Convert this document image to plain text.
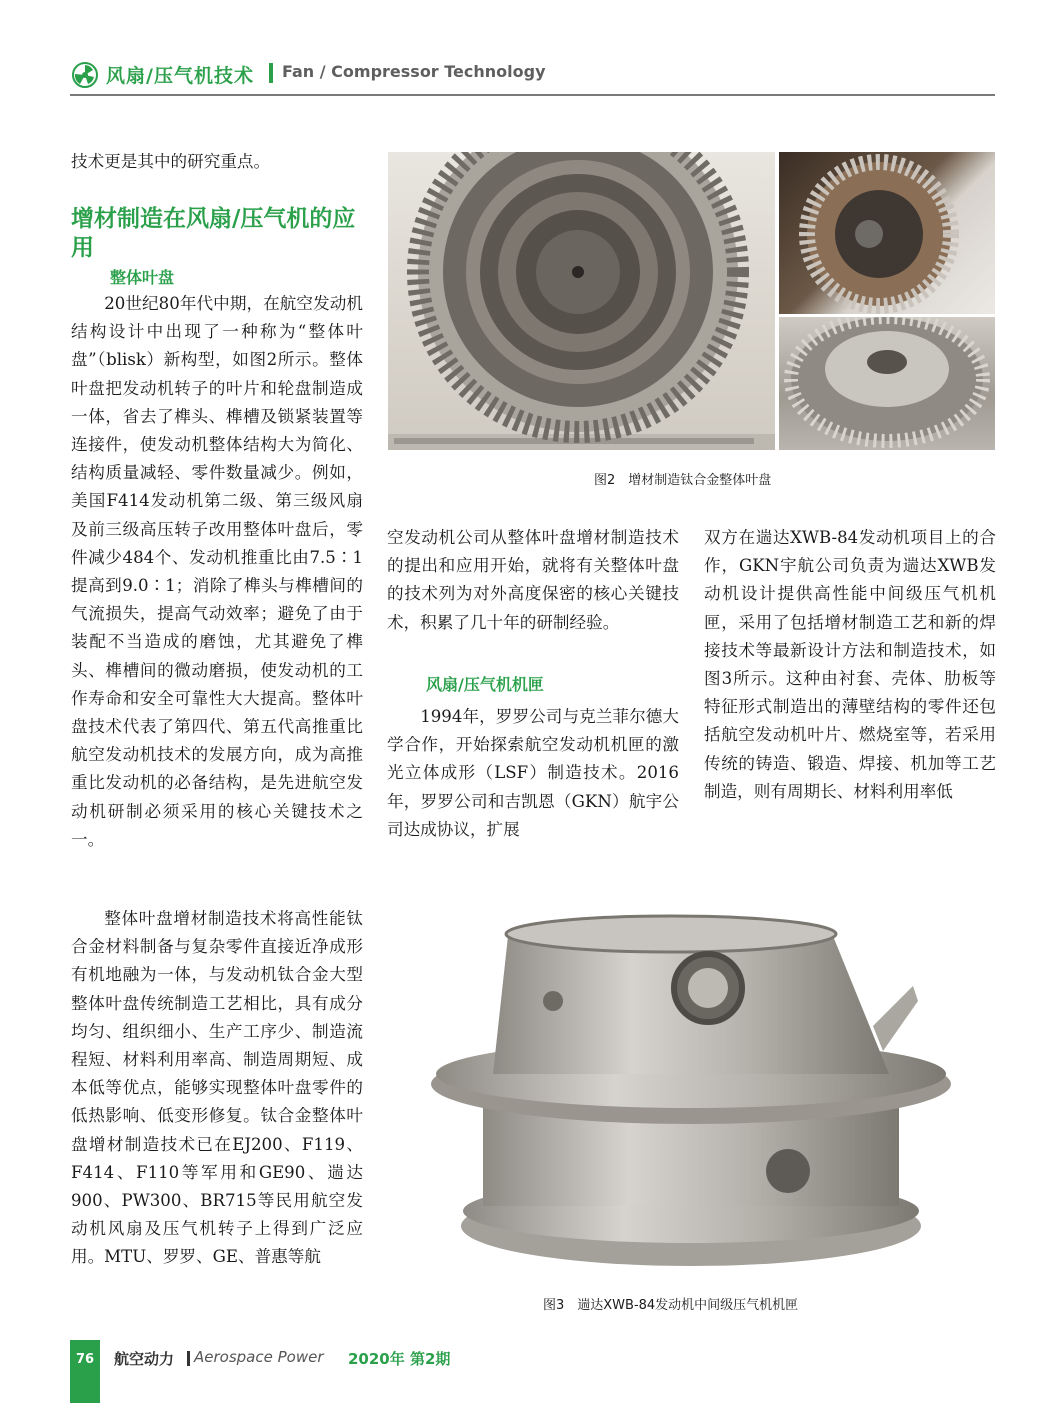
风扇/压气机技术 Fan / Compressor Technology
技术更是其中的研究重点。
增材制造在风扇/压气机的应用
整体叶盘

20世纪80年代中期，在航空发动机结构设计中出现了一种称为“整体叶盘”（blisk）新构型，如图2所示。整体叶盘把发动机转子的叶片和轮盘制造成一体，省去了榫头、榫槽及锁紧装置等连接件，使发动机整体结构大为简化、结构质量减轻、零件数量减少。例如，美国F414发动机第二级、第三级风扇及前三级高压转子改用整体叶盘后，零件减少484个、发动机推重比由7.5∶1提高到9.0∶1；消除了榫头与榫槽间的气流损失，提高气动效率；避免了由于装配不当造成的磨蚀，尤其避免了榫头、榫槽间的微动磨损，使发动机的工作寿命和安全可靠性大大提高。整体叶盘技术代表了第四代、第五代高推重比航空发动机技术的发展方向，成为高推重比发动机的必备结构，是先进航空发动机研制必须采用的核心关键技术之一。

整体叶盘增材制造技术将高性能钛合金材料制备与复杂零件直接近净成形有机地融为一体，与发动机钛合金大型整体叶盘传统制造工艺相比，具有成分均匀、组织细小、生产工序少、制造流程短、材料利用率高、制造周期短、成本低等优点，能够实现整体叶盘零件的低热影响、低变形修复。钛合金整体叶盘增材制造技术已在EJ200、F119、F414、F110等军用和GE90、遄达900、PW300、BR715等民用航空发动机风扇及压气机转子上得到广泛应用。MTU、罗罗、GE、普惠等航

图2　增材制造钛合金整体叶盘

空发动机公司从整体叶盘增材制造技术的提出和应用开始，就将有关整体叶盘的技术列为对外高度保密的核心关键技术，积累了几十年的研制经验。

风扇/压气机机匣

1994年，罗罗公司与克兰菲尔德大学合作，开始探索航空发动机机匣的激光立体成形（LSF）制造技术。2016年，罗罗公司和吉凯恩（GKN）航宇公司达成协议，扩展

双方在遄达XWB-84发动机项目上的合作，GKN宇航公司负责为遄达XWB发动机设计提供高性能中间级压气机机匣，采用了包括增材制造工艺和新的焊接技术等最新设计方法和制造技术，如图3所示。这种由衬套、壳体、肋板等特征形式制造出的薄壁结构的零件还包括航空发动机叶片、燃烧室等，若采用传统的铸造、锻造、焊接、机加等工艺制造，则有周期长、材料利用率低

图3　遄达XWB-84发动机中间级压气机机匣
76 航空动力 Aerospace Power 2020年 第2期
